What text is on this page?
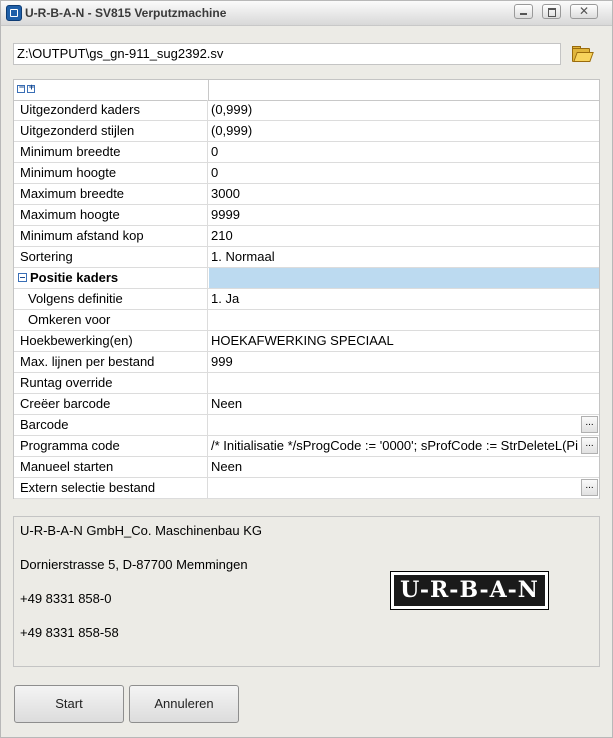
U-R-B-A-N - SV815 Verputzmachine	✕
Z:\OUTPUT\gs_gn-911_sug2392.sv
− +
Uitgezonderd kaders	(0,999)
Uitgezonderd stijlen	(0,999)
Minimum breedte	0
Minimum hoogte	0
Maximum breedte	3000
Maximum hoogte	9999
Minimum afstand kop	210
Sortering	1. Normaal
Positie kaders
Volgens definitie	1. Ja
Omkeren voor
Hoekbewerking(en)	HOEKAFWERKING SPECIAAL
Max. lijnen per bestand	999
Runtag override
Creëer barcode	Neen
Barcode	...
Programma code	/* Initialisatie */sProgCode := '0000'; sProfCode := StrDeleteL(Pi ...
Manueel starten	Neen
Extern selectie bestand	...
U-R-B-A-N GmbH_Co. Maschinenbau KG
Dornierstrasse 5, D-87700 Memmingen
+49 8331 858-0
+49 8331 858-58
U-R-B-A-N
Start	Annuleren
